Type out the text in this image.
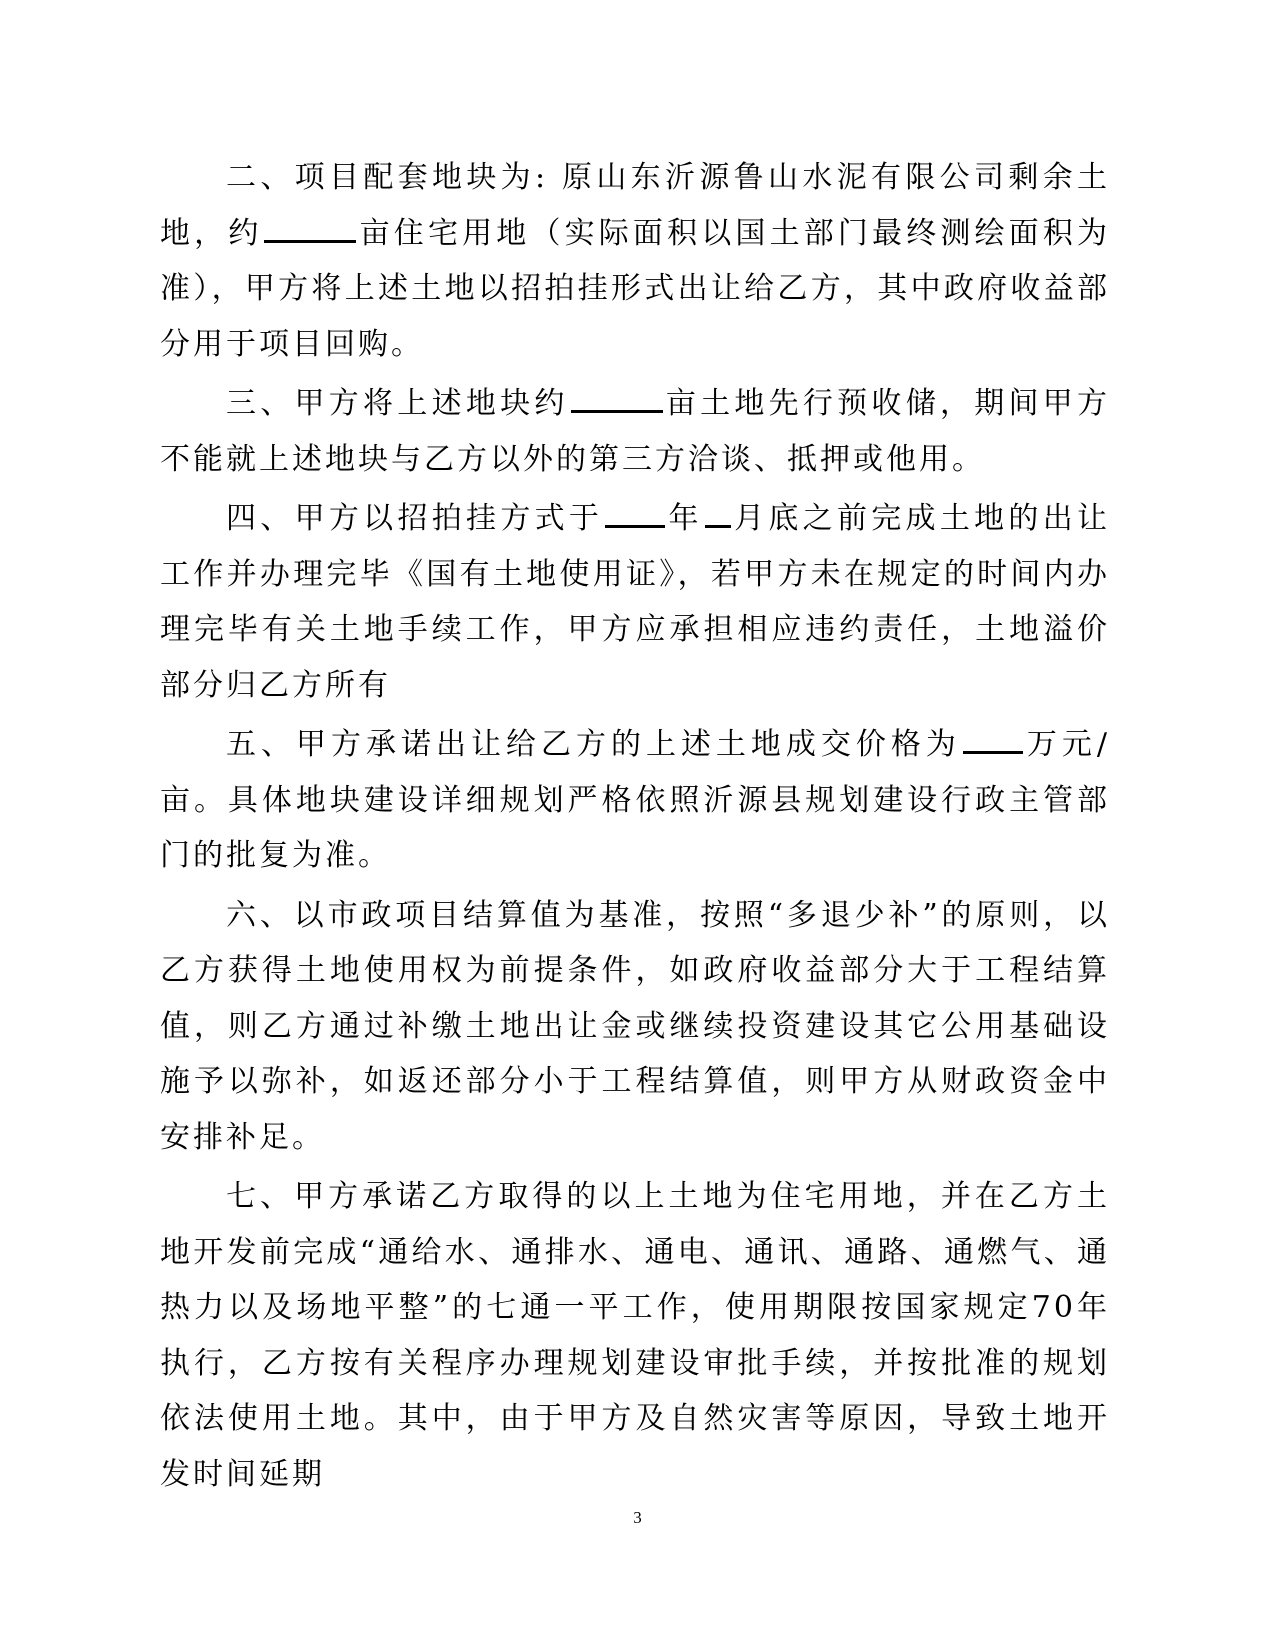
二、项目配套地块为: 原山东沂源鲁山水泥有限公司剩余土地，约	亩住宅用地（实际面积以国土部门最终测绘面积为准），甲方将上述土地以招拍挂形式出让给乙方，其中政府收益部分用于项目回购。

三、甲方将上述地块约	亩土地先行预收储，期间甲方不能就上述地块与乙方以外的第三方洽谈、抵押或他用。

四、甲方以招拍挂方式于 年 月底之前完成土地的出让工作并办理完毕《国有土地使用证》，若甲方未在规定的时间内办理完毕有关土地手续工作，甲方应承担相应违约责任，土地溢价部分归乙方所有

五、甲方承诺出让给乙方的上述土地成交价格为 万元/亩。具体地块建设详细规划严格依照沂源县规划建设行政主管部门的批复为准。

六、以市政项目结算值为基准，按照“多退少补”的原则，以乙方获得土地使用权为前提条件，如政府收益部分大于工程结算值，则乙方通过补缴土地出让金或继续投资建设其它公用基础设施予以弥补，如返还部分小于工程结算值，则甲方从财政资金中安排补足。

七、甲方承诺乙方取得的以上土地为住宅用地，并在乙方土地开发前完成“通给水、通排水、通电、通讯、通路、通燃气、通热力以及场地平整”的七通一平工作，使用期限按国家规定70年执行，乙方按有关程序办理规划建设审批手续，并按批准的规划依法使用土地。其中，由于甲方及自然灾害等原因，导致土地开发时间延期

3
